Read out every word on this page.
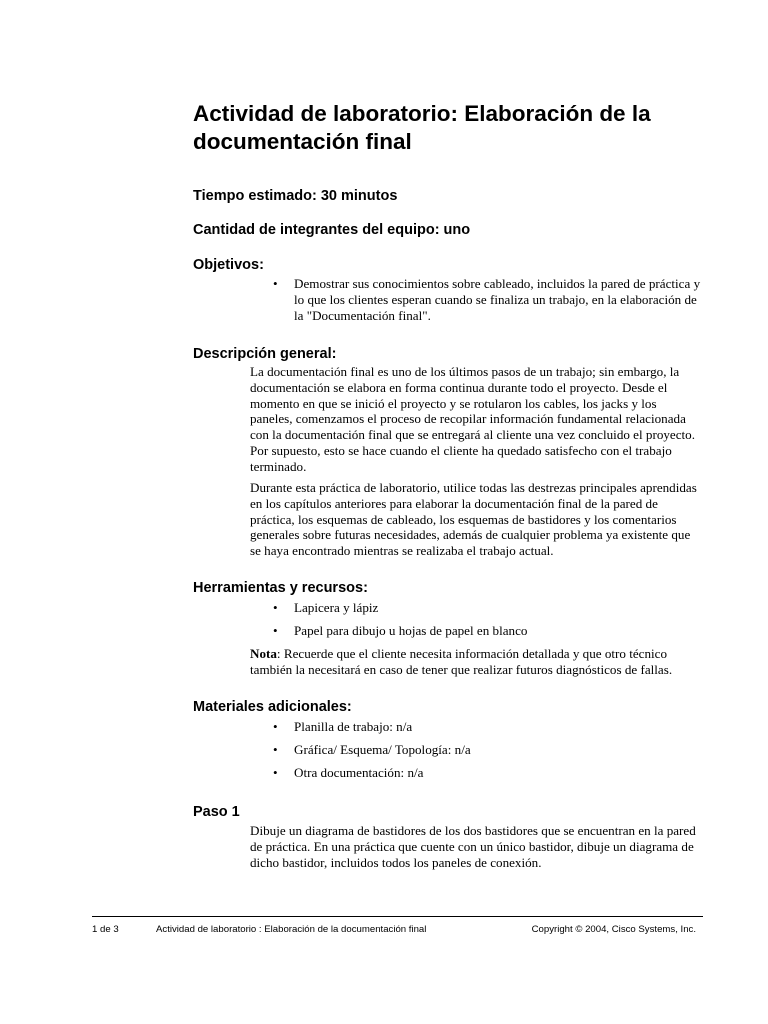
Actividad de laboratorio: Elaboración de la documentación final
Tiempo estimado: 30 minutos
Cantidad de integrantes del equipo: uno
Objetivos:
• Demostrar sus conocimientos sobre cableado, incluidos la pared de práctica y lo que los clientes esperan cuando se finaliza un trabajo, en la elaboración de la "Documentación final".
Descripción general:

La documentación final es uno de los últimos pasos de un trabajo; sin embargo, la documentación se elabora en forma continua durante todo el proyecto. Desde el momento en que se inició el proyecto y se rotularon los cables, los jacks y los paneles, comenzamos el proceso de recopilar información fundamental relacionada con la documentación final que se entregará al cliente una vez concluido el proyecto. Por supuesto, esto se hace cuando el cliente ha quedado satisfecho con el trabajo terminado.

Durante esta práctica de laboratorio, utilice todas las destrezas principales aprendidas en los capítulos anteriores para elaborar la documentación final de la pared de práctica, los esquemas de cableado, los esquemas de bastidores y los comentarios generales sobre futuras necesidades, además de cualquier problema ya existente que se haya encontrado mientras se realizaba el trabajo actual.

Herramientas y recursos:
• Lapicera y lápiz
• Papel para dibujo u hojas de papel en blanco

Nota: Recuerde que el cliente necesita información detallada y que otro técnico también la necesitará en caso de tener que realizar futuros diagnósticos de fallas.

Materiales adicionales:
• Planilla de trabajo: n/a
• Gráfica/ Esquema/ Topología: n/a
• Otra documentación: n/a
Paso 1

Dibuje un diagrama de bastidores de los dos bastidores que se encuentran en la pared de práctica. En una práctica que cuente con un único bastidor, dibuje un diagrama de dicho bastidor, incluidos todos los paneles de conexión.

1 de 3	Actividad de laboratorio : Elaboración de la documentación final	Copyright © 2004, Cisco Systems, Inc.
